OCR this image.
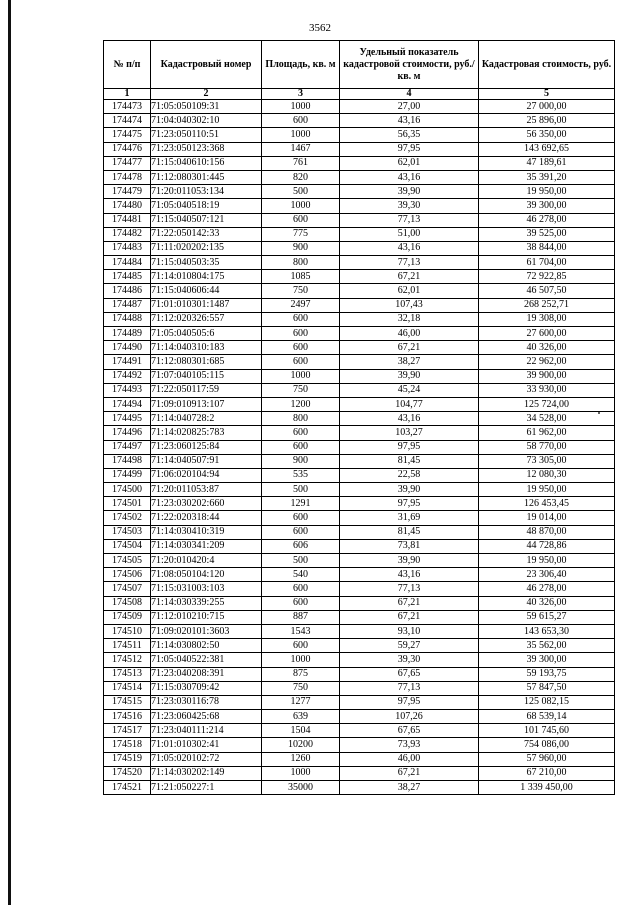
3562
№ п/п	Кадастровый номер	Площадь, кв. м	Удельный показатель кадастровой стоимости, руб./кв. м	Кадастровая стоимость, руб.
1	2	3	4	5
174473	71:05:050109:31	1000	27,00	27 000,00
174474	71:04:040302:10	600	43,16	25 896,00
174475	71:23:050110:51	1000	56,35	56 350,00
174476	71:23:050123:368	1467	97,95	143 692,65
174477	71:15:040610:156	761	62,01	47 189,61
174478	71:12:080301:445	820	43,16	35 391,20
174479	71:20:011053:134	500	39,90	19 950,00
174480	71:05:040518:19	1000	39,30	39 300,00
174481	71:15:040507:121	600	77,13	46 278,00
174482	71:22:050142:33	775	51,00	39 525,00
174483	71:11:020202:135	900	43,16	38 844,00
174484	71:15:040503:35	800	77,13	61 704,00
174485	71:14:010804:175	1085	67,21	72 922,85
174486	71:15:040606:44	750	62,01	46 507,50
174487	71:01:010301:1487	2497	107,43	268 252,71
174488	71:12:020326:557	600	32,18	19 308,00
174489	71:05:040505:6	600	46,00	27 600,00
174490	71:14:040310:183	600	67,21	40 326,00
174491	71:12:080301:685	600	38,27	22 962,00
174492	71:07:040105:115	1000	39,90	39 900,00
174493	71:22:050117:59	750	45,24	33 930,00
174494	71:09:010913:107	1200	104,77	125 724,00
174495	71:14:040728:2	800	43,16	34 528,00
174496	71:14:020825:783	600	103,27	61 962,00
174497	71:23:060125:84	600	97,95	58 770,00
174498	71:14:040507:91	900	81,45	73 305,00
174499	71:06:020104:94	535	22,58	12 080,30
174500	71:20:011053:87	500	39,90	19 950,00
174501	71:23:030202:660	1291	97,95	126 453,45
174502	71:22:020318:44	600	31,69	19 014,00
174503	71:14:030410:319	600	81,45	48 870,00
174504	71:14:030341:209	606	73,81	44 728,86
174505	71:20:010420:4	500	39,90	19 950,00
174506	71:08:050104:120	540	43,16	23 306,40
174507	71:15:031003:103	600	77,13	46 278,00
174508	71:14:030339:255	600	67,21	40 326,00
174509	71:12:010210:715	887	67,21	59 615,27
174510	71:09:020101:3603	1543	93,10	143 653,30
174511	71:14:030802:50	600	59,27	35 562,00
174512	71:05:040522:381	1000	39,30	39 300,00
174513	71:23:040208:391	875	67,65	59 193,75
174514	71:15:030709:42	750	77,13	57 847,50
174515	71:23:030116:78	1277	97,95	125 082,15
174516	71:23:060425:68	639	107,26	68 539,14
174517	71:23:040111:214	1504	67,65	101 745,60
174518	71:01:010302:41	10200	73,93	754 086,00
174519	71:05:020102:72	1260	46,00	57 960,00
174520	71:14:030202:149	1000	67,21	67 210,00
174521	71:21:050227:1	35000	38,27	1 339 450,00
